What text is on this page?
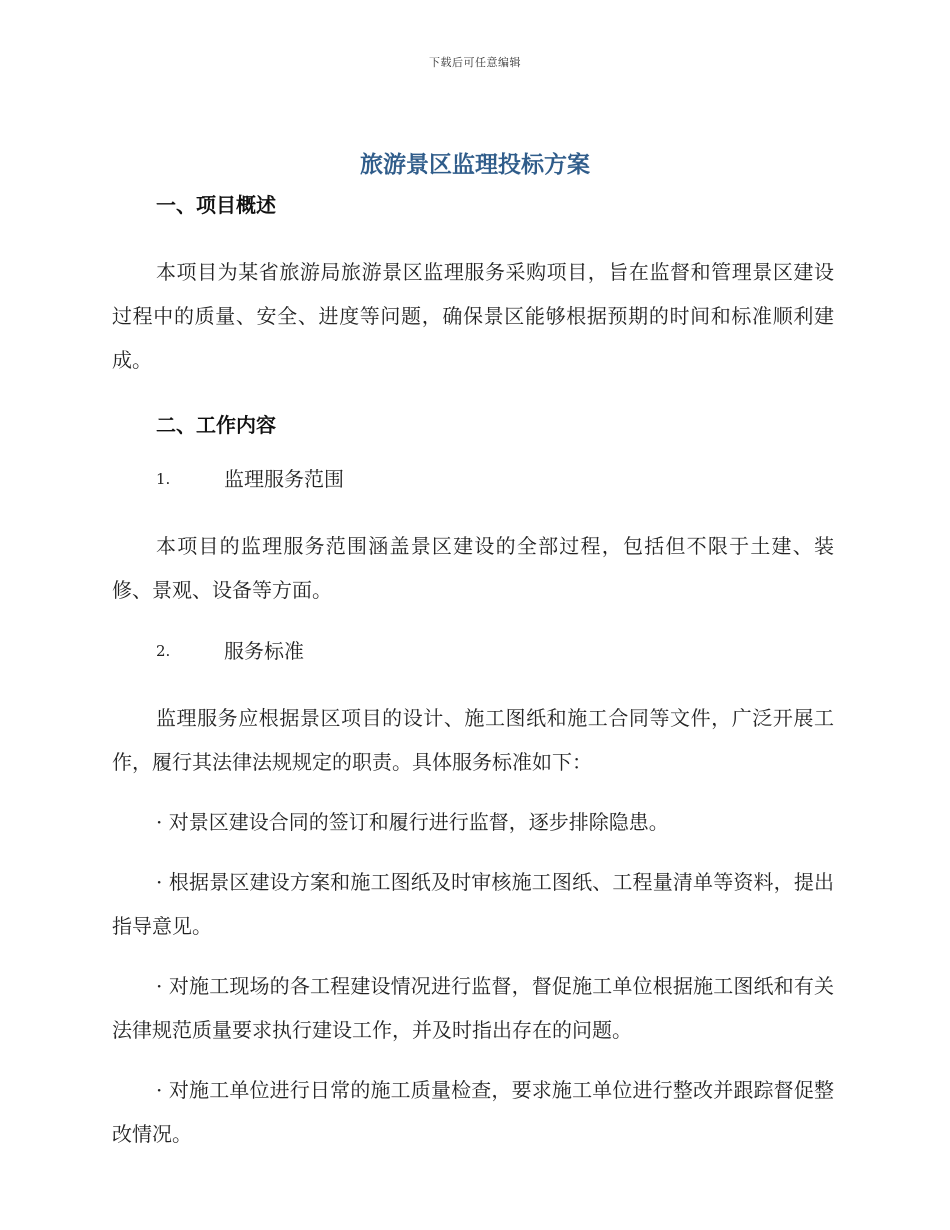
下载后可任意编辑
旅游景区监理投标方案
一、项目概述

本项目为某省旅游局旅游景区监理服务采购项目，旨在监督和管理景区建设过程中的质量、安全、进度等问题，确保景区能够根据预期的时间和标准顺利建成。

二、工作内容
1.	监理服务范围

本项目的监理服务范围涵盖景区建设的全部过程，包括但不限于土建、装修、景观、设备等方面。

2.	服务标准

监理服务应根据景区项目的设计、施工图纸和施工合同等文件，广泛开展工作，履行其法律法规规定的职责。具体服务标准如下：

· 对景区建设合同的签订和履行进行监督，逐步排除隐患。

· 根据景区建设方案和施工图纸及时审核施工图纸、工程量清单等资料，提出指导意见。

· 对施工现场的各工程建设情况进行监督，督促施工单位根据施工图纸和有关法律规范质量要求执行建设工作，并及时指出存在的问题。

· 对施工单位进行日常的施工质量检查，要求施工单位进行整改并跟踪督促整改情况。
